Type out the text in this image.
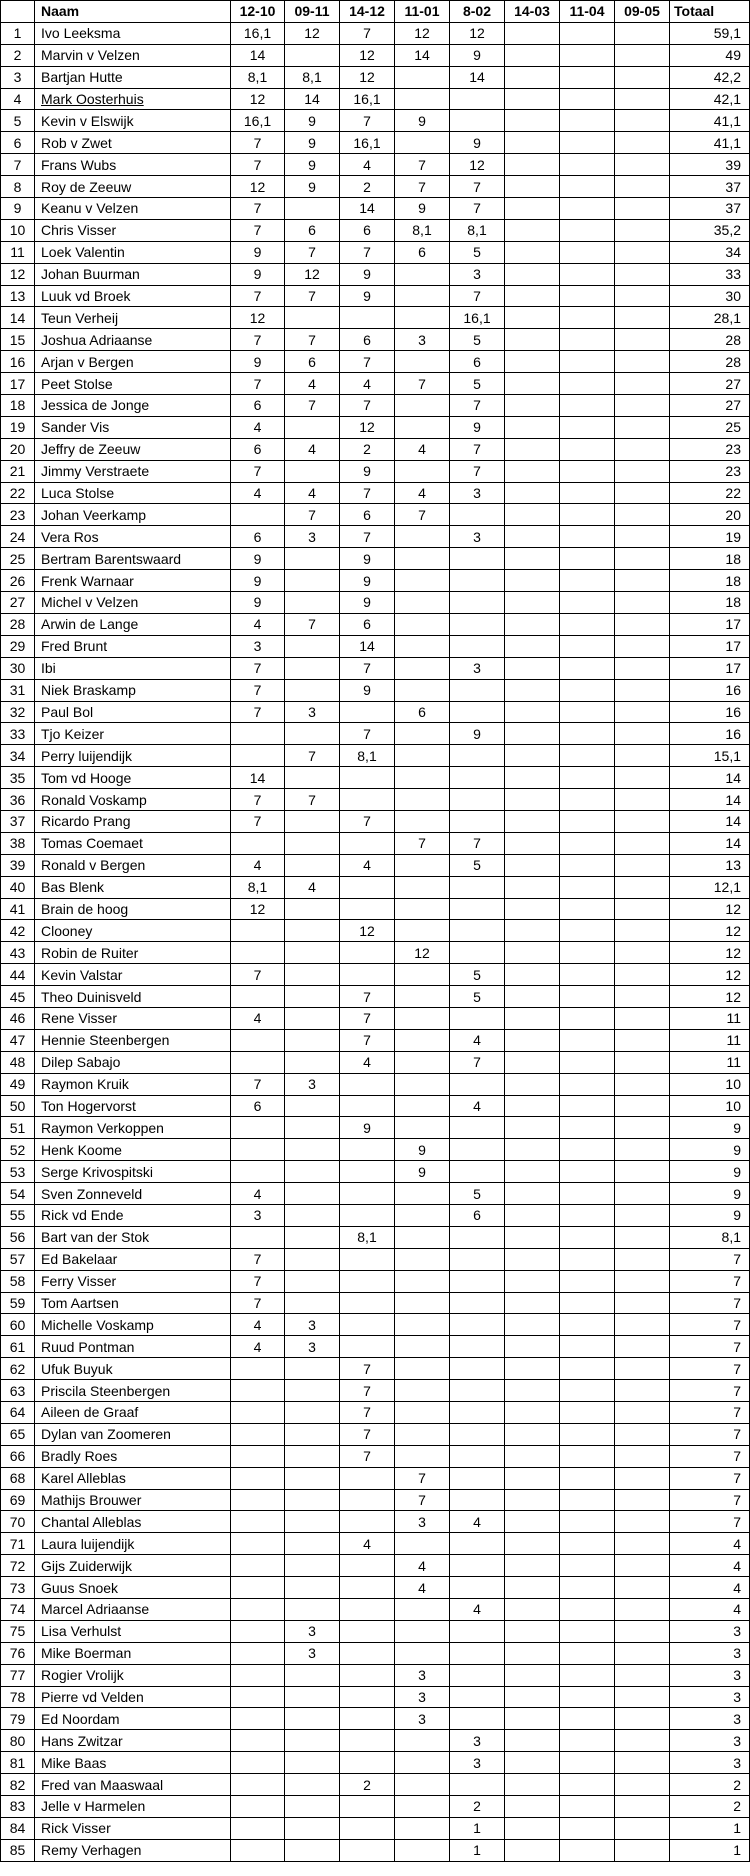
	Naam	12-10	09-11	14-12	11-01	8-02	14-03	11-04	09-05	Totaal
1	Ivo Leeksma	16,1	12	7	12	12				59,1
2	Marvin v Velzen	14		12	14	9				49
3	Bartjan Hutte	8,1	8,1	12		14				42,2
4	Mark Oosterhuis	12	14	16,1						42,1
5	Kevin v Elswijk	16,1	9	7	9					41,1
6	Rob v Zwet	7	9	16,1		9				41,1
7	Frans Wubs	7	9	4	7	12				39
8	Roy de Zeeuw	12	9	2	7	7				37
9	Keanu v Velzen	7		14	9	7				37
10	Chris Visser	7	6	6	8,1	8,1				35,2
11	Loek Valentin	9	7	7	6	5				34
12	Johan Buurman	9	12	9		3				33
13	Luuk vd Broek	7	7	9		7				30
14	Teun Verheij	12				16,1				28,1
15	Joshua Adriaanse	7	7	6	3	5				28
16	Arjan v Bergen	9	6	7		6				28
17	Peet Stolse	7	4	4	7	5				27
18	Jessica de Jonge	6	7	7		7				27
19	Sander Vis	4		12		9				25
20	Jeffry de Zeeuw	6	4	2	4	7				23
21	Jimmy Verstraete	7		9		7				23
22	Luca Stolse	4	4	7	4	3				22
23	Johan Veerkamp		7	6	7					20
24	Vera Ros	6	3	7		3				19
25	Bertram Barentswaard	9		9						18
26	Frenk Warnaar	9		9						18
27	Michel v Velzen	9		9						18
28	Arwin de Lange	4	7	6						17
29	Fred Brunt	3		14						17
30	Ibi	7		7		3				17
31	Niek Braskamp	7		9						16
32	Paul Bol	7	3		6					16
33	Tjo Keizer			7		9				16
34	Perry luijendijk		7	8,1						15,1
35	Tom vd Hooge	14								14
36	Ronald Voskamp	7	7							14
37	Ricardo Prang	7		7						14
38	Tomas Coemaet				7	7				14
39	Ronald v Bergen	4		4		5				13
40	Bas Blenk	8,1	4							12,1
41	Brain de hoog	12								12
42	Clooney			12						12
43	Robin de Ruiter				12					12
44	Kevin Valstar	7				5				12
45	Theo Duinisveld			7		5				12
46	Rene Visser	4		7						11
47	Hennie Steenbergen			7		4				11
48	Dilep Sabajo			4		7				11
49	Raymon Kruik	7	3							10
50	Ton Hogervorst	6				4				10
51	Raymon Verkoppen			9						9
52	Henk Koome				9					9
53	Serge Krivospitski				9					9
54	Sven Zonneveld	4				5				9
55	Rick vd Ende	3				6				9
56	Bart van der Stok			8,1						8,1
57	Ed Bakelaar	7								7
58	Ferry Visser	7								7
59	Tom Aartsen	7								7
60	Michelle Voskamp	4	3							7
61	Ruud Pontman	4	3							7
62	Ufuk Buyuk			7						7
63	Priscila Steenbergen			7						7
64	Aileen de Graaf			7						7
65	Dylan van Zoomeren			7						7
66	Bradly Roes			7						7
68	Karel Alleblas				7					7
69	Mathijs Brouwer				7					7
70	Chantal Alleblas				3	4				7
71	Laura luijendijk			4						4
72	Gijs Zuiderwijk				4					4
73	Guus Snoek				4					4
74	Marcel Adriaanse					4				4
75	Lisa Verhulst		3							3
76	Mike Boerman		3							3
77	Rogier Vrolijk				3					3
78	Pierre vd Velden				3					3
79	Ed Noordam				3					3
80	Hans Zwitzar					3				3
81	Mike Baas					3				3
82	Fred van Maaswaal			2						2
83	Jelle v Harmelen					2				2
84	Rick Visser					1				1
85	Remy Verhagen					1				1
